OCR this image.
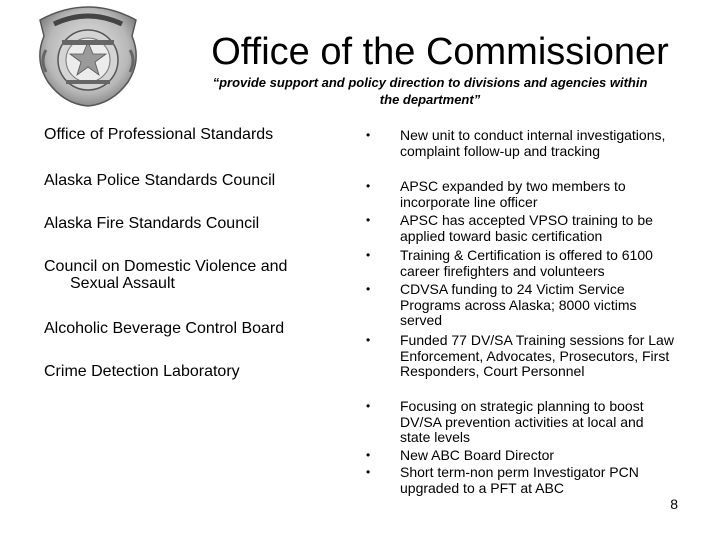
Office of the Commissioner
“provide support and policy direction to divisions and agencies within
the department”
Office of Professional Standards
Alaska Police Standards Council
Alaska Fire Standards Council
Council on Domestic Violence and
Sexual Assault
Alcoholic Beverage Control Board
Crime Detection Laboratory
•	New unit to conduct internal investigations, complaint follow-up and tracking
•	APSC expanded by two members to incorporate line officer
•	APSC has accepted VPSO training to be applied toward basic certification
•	Training & Certification is offered to 6100 career firefighters and volunteers
•	CDVSA funding to 24 Victim Service Programs across Alaska; 8000 victims served
•	Funded 77 DV/SA Training sessions for Law Enforcement, Advocates, Prosecutors, First Responders, Court Personnel
•	Focusing on strategic planning to boost DV/SA prevention activities at local and state levels
•	New ABC Board Director
•	Short term-non perm Investigator PCN upgraded to a PFT at ABC
8
